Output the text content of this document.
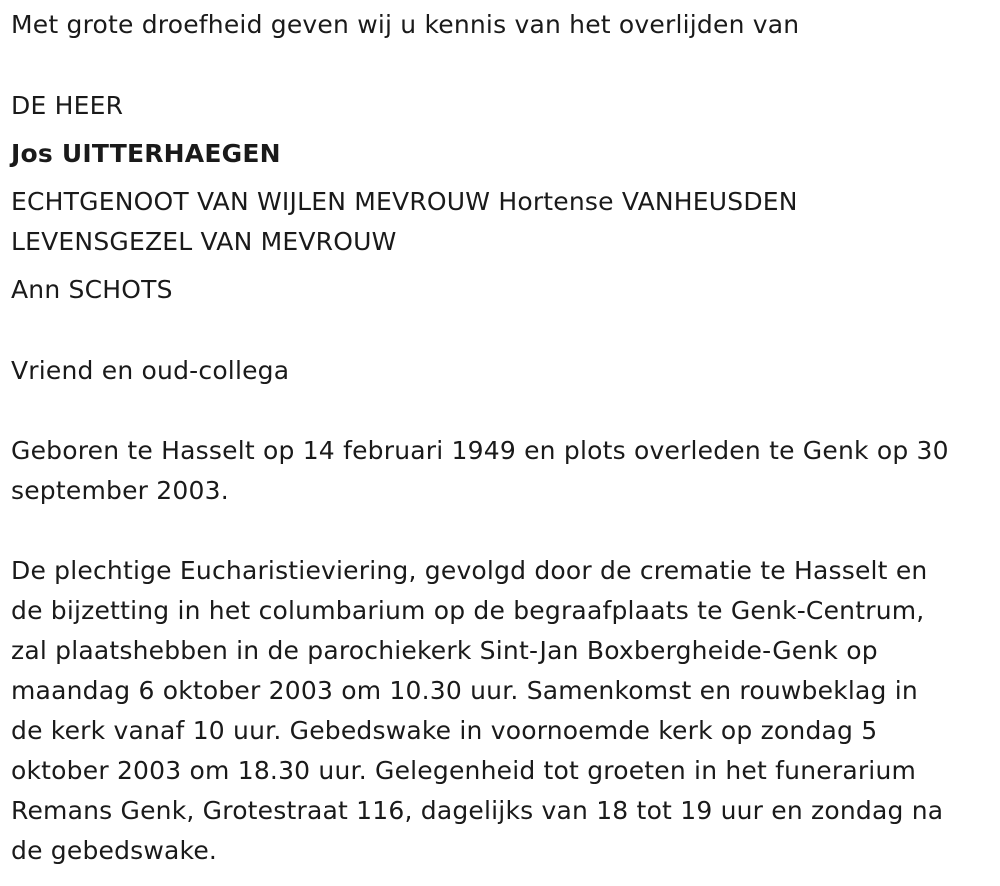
Met grote droefheid geven wij u kennis van het overlijden van
DE HEER
Jos UITTERHAEGEN
ECHTGENOOT VAN WIJLEN MEVROUW Hortense VANHEUSDEN
LEVENSGEZEL VAN MEVROUW
Ann SCHOTS
Vriend en oud-collega
Geboren te Hasselt op 14 februari 1949 en plots overleden te Genk op 30
september 2003.
De plechtige Eucharistieviering, gevolgd door de crematie te Hasselt en
de bijzetting in het columbarium op de begraafplaats te Genk-Centrum,
zal plaatshebben in de parochiekerk Sint-Jan Boxbergheide-Genk op
maandag 6 oktober 2003 om 10.30 uur. Samenkomst en rouwbeklag in
de kerk vanaf 10 uur. Gebedswake in voornoemde kerk op zondag 5
oktober 2003 om 18.30 uur. Gelegenheid tot groeten in het funerarium
Remans Genk, Grotestraat 116, dagelijks van 18 tot 19 uur en zondag na
de gebedswake.
